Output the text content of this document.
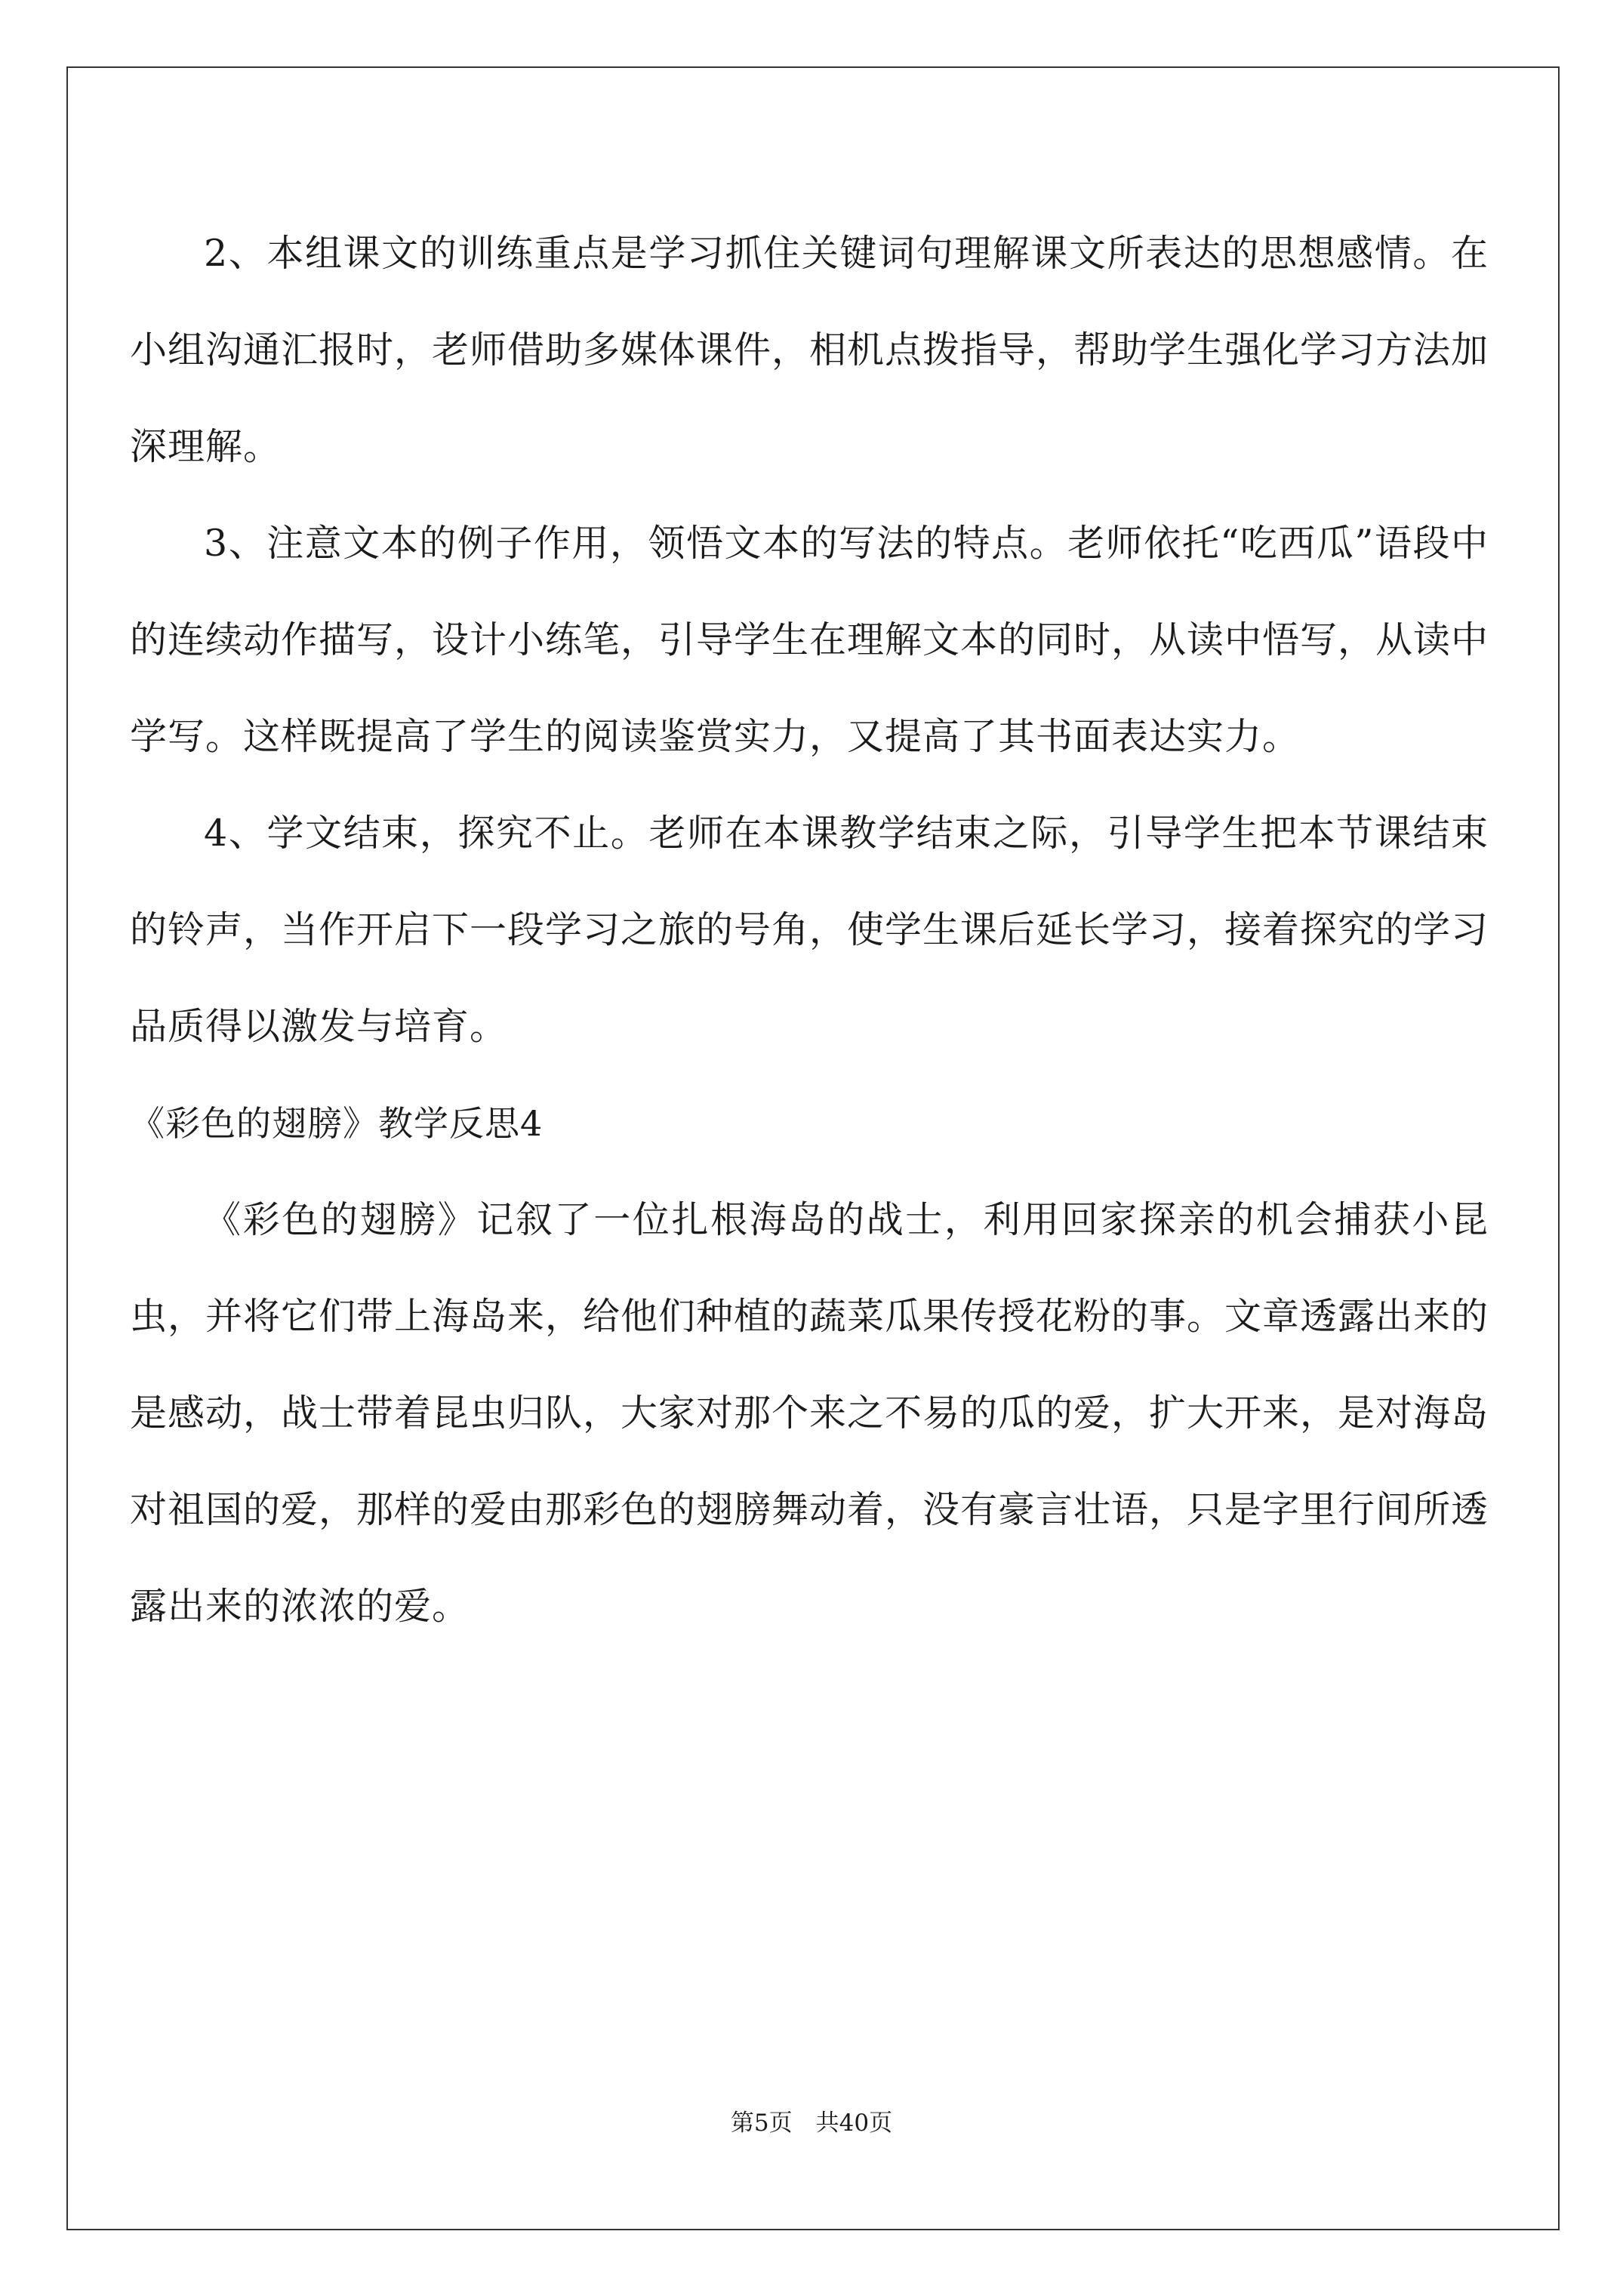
2、本组课文的训练重点是学习抓住关键词句理解课文所表达的思想感情。在小组沟通汇报时，老师借助多媒体课件，相机点拨指导，帮助学生强化学习方法加深理解。

3、注意文本的例子作用，领悟文本的写法的特点。老师依托“吃西瓜”语段中的连续动作描写，设计小练笔，引导学生在理解文本的同时，从读中悟写，从读中学写。这样既提高了学生的阅读鉴赏实力，又提高了其书面表达实力。

4、学文结束，探究不止。老师在本课教学结束之际，引导学生把本节课结束的铃声，当作开启下一段学习之旅的号角，使学生课后延长学习，接着探究的学习品质得以激发与培育。

《彩色的翅膀》教学反思4

《彩色的翅膀》记叙了一位扎根海岛的战士，利用回家探亲的机会捕获小昆虫，并将它们带上海岛来，给他们种植的蔬菜瓜果传授花粉的事。文章透露出来的是感动，战士带着昆虫归队，大家对那个来之不易的瓜的爱，扩大开来，是对海岛对祖国的爱，那样的爱由那彩色的翅膀舞动着，没有豪言壮语，只是字里行间所透露出来的浓浓的爱。

第5页　共40页
